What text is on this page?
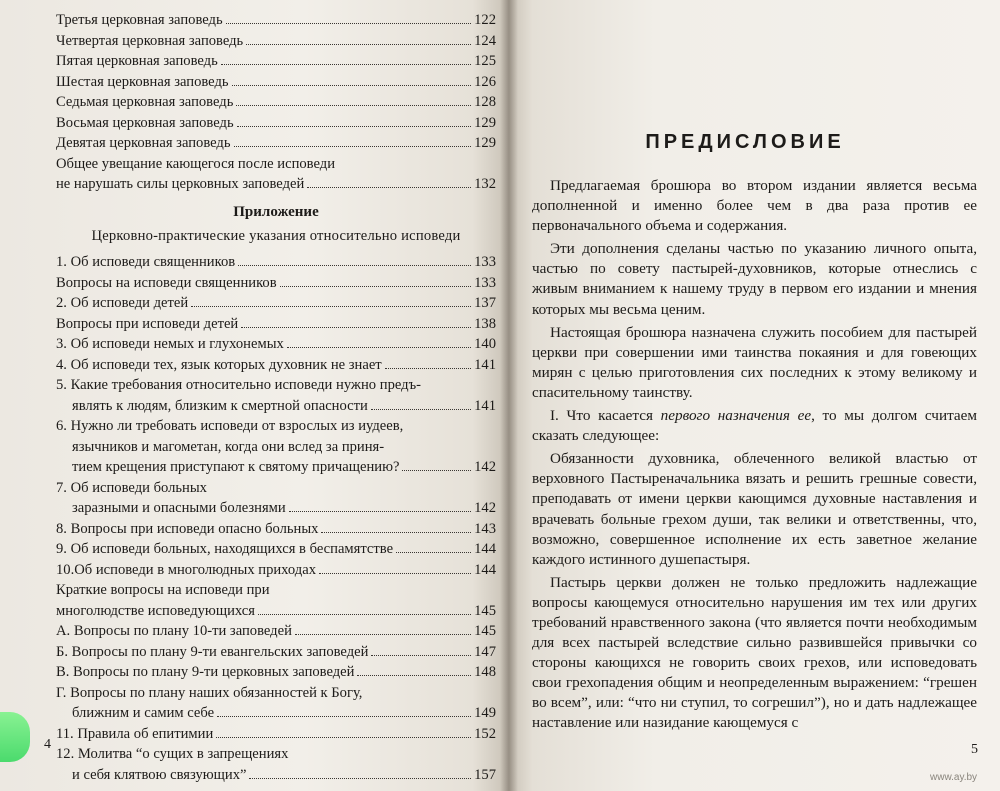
Третья церковная заповедь	122
Четвертая церковная заповедь	124
Пятая церковная заповедь	125
Шестая церковная заповедь	126
Седьмая церковная заповедь	128
Восьмая церковная заповедь	129
Девятая церковная заповедь	129
Общее увещание кающегося после исповеди
не нарушать силы церковных заповедей	132
Приложение
Церковно-практические указания относительно исповеди
1. Об исповеди священников	133
Вопросы на исповеди священников	133
2. Об исповеди детей	137
Вопросы при исповеди детей	138
3. Об исповеди немых и глухонемых	140
4. Об исповеди тех, язык которых духовник не знает	141
5. Какие требования относительно исповеди нужно предъ-
являть к людям, близким к смертной опасности	141
6. Нужно ли требовать исповеди от взрослых из иудеев,
язычников и магометан, когда они вслед за приня-
тием крещения приступают к святому причащению?	142
7. Об исповеди больных
заразными и опасными болезнями	142
8. Вопросы при исповеди опасно больных	143
9. Об исповеди больных, находящихся в беспамятстве	144
10.Об исповеди в многолюдных приходах	144
Краткие вопросы на исповеди при
многолюдстве исповедующихся	145
А. Вопросы по плану 10-ти заповедей	145
Б. Вопросы по плану 9-ти евангельских заповедей	147
В. Вопросы по плану 9-ти церковных заповедей	148
Г. Вопросы по плану наших обязанностей к Богу,
ближним и самим себе	149
11. Правила об епитимии	152
12. Молитва “о сущих в запрещениях
и себя клятвою связующих”	157
4
ПРЕДИСЛОВИЕ

Предлагаемая брошюра во втором издании является весьма дополненной и именно более чем в два раза против ее первоначального объема и содержания.

Эти дополнения сделаны частью по указанию личного опыта, частью по совету пастырей-духовников, которые отнеслись с живым вниманием к нашему труду в первом его издании и мнения которых мы весьма ценим.

Настоящая брошюра назначена служить пособием для пастырей церкви при совершении ими таинства покаяния и для говеющих мирян с целью приготовления сих последних к этому великому и спасительному таинству.

I. Что касается первого назначения ее, то мы долгом считаем сказать следующее:

Обязанности духовника, облеченного великой властью от верховного Пастыреначальника вязать и решить грешные совести, преподавать от имени церкви кающимся духовные наставления и врачевать больные грехом души, так велики и ответственны, что, возможно, совершенное исполнение их есть заветное желание каждого истинного душепастыря.

Пастырь церкви должен не только предложить надлежащие вопросы кающемуся относительно нарушения им тех или других требований нравственного закона (что является почти необходимым для всех пастырей вследствие сильно развившейся привычки со стороны кающихся не говорить своих грехов, или исповедовать свои грехопадения общим и неопределенным выражением: “грешен во всем”, или: “что ни ступил, то согрешил”), но и дать надлежащее наставление или назидание кающемуся с

5
www.ay.by
